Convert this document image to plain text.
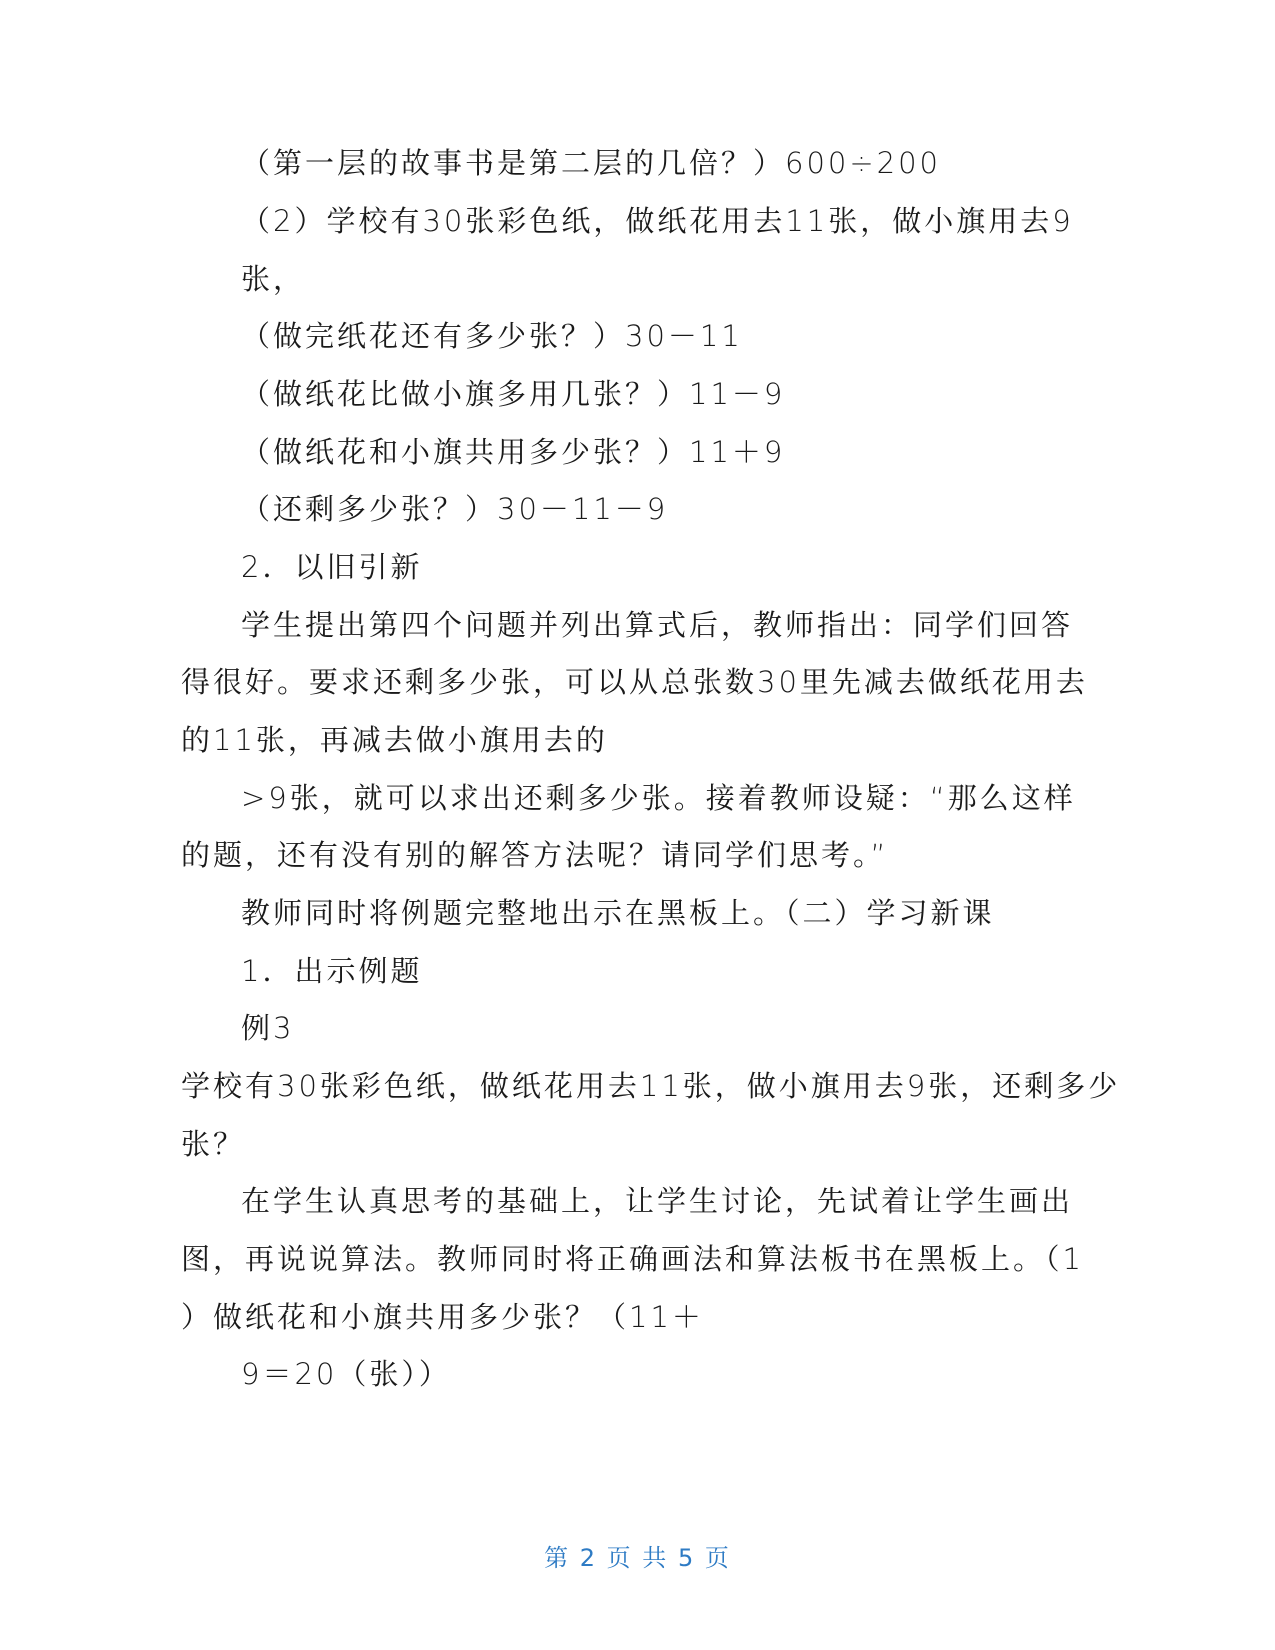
（第一层的故事书是第二层的几倍？）600÷200
（2）学校有30张彩色纸，做纸花用去11张，做小旗用去9
张，
（做完纸花还有多少张？）30－11
（做纸花比做小旗多用几张？）11－9
（做纸花和小旗共用多少张？）11＋9
（还剩多少张？）30－11－9
2．以旧引新
学生提出第四个问题并列出算式后，教师指出：同学们回答
得很好。要求还剩多少张，可以从总张数30里先减去做纸花用去
的11张，再减去做小旗用去的
>9张，就可以求出还剩多少张。接着教师设疑：“那么这样
的题，还有没有别的解答方法呢？请同学们思考。”
教师同时将例题完整地出示在黑板上。（二）学习新课
1．出示例题
例3
学校有30张彩色纸，做纸花用去11张，做小旗用去9张，还剩多少
张？
在学生认真思考的基础上，让学生讨论，先试着让学生画出
图，再说说算法。教师同时将正确画法和算法板书在黑板上。（1
）做纸花和小旗共用多少张？（11＋
9＝20（张））
第 2 页 共 5 页
